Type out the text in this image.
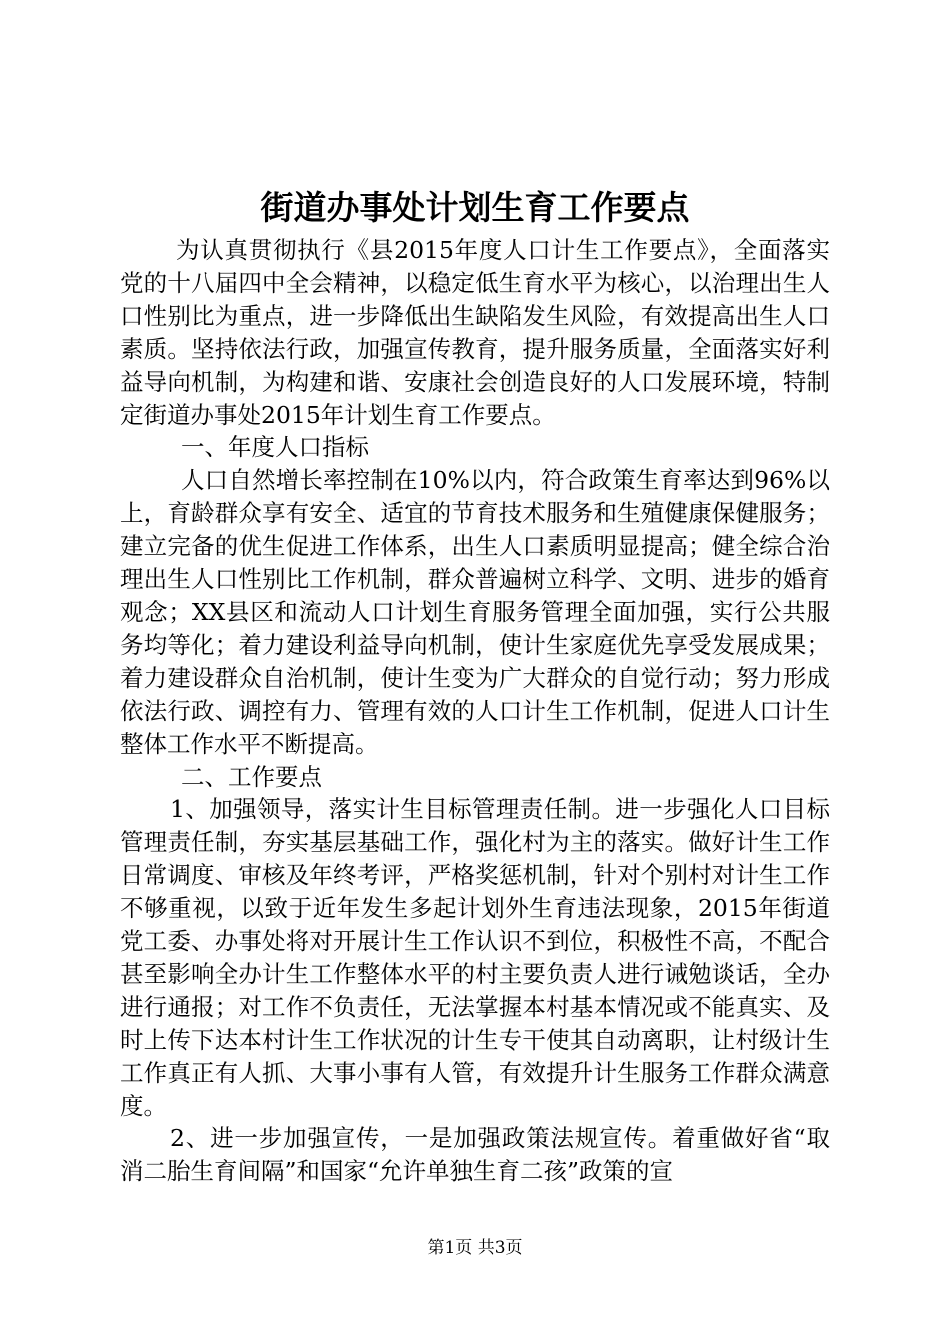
街道办事处计划生育工作要点

为认真贯彻执行《县2015年度人口计生工作要点》，全面落实党的十八届四中全会精神，以稳定低生育水平为核心，以治理出生人口性别比为重点，进一步降低出生缺陷发生风险，有效提高出生人口素质。坚持依法行政，加强宣传教育，提升服务质量，全面落实好利益导向机制，为构建和谐、安康社会创造良好的人口发展环境，特制定街道办事处2015年计划生育工作要点。

一、年度人口指标

人口自然增长率控制在10%以内，符合政策生育率达到96%以上，育龄群众享有安全、适宜的节育技术服务和生殖健康保健服务；建立完备的优生促进工作体系，出生人口素质明显提高；健全综合治理出生人口性别比工作机制，群众普遍树立科学、文明、进步的婚育观念；XX县区和流动人口计划生育服务管理全面加强，实行公共服务均等化；着力建设利益导向机制，使计生家庭优先享受发展成果；着力建设群众自治机制，使计生变为广大群众的自觉行动；努力形成依法行政、调控有力、管理有效的人口计生工作机制，促进人口计生整体工作水平不断提高。

二、工作要点

1、加强领导，落实计生目标管理责任制。进一步强化人口目标管理责任制，夯实基层基础工作，强化村为主的落实。做好计生工作日常调度、审核及年终考评，严格奖惩机制，针对个别村对计生工作不够重视，以致于近年发生多起计划外生育违法现象，2015年街道党工委、办事处将对开展计生工作认识不到位，积极性不高，不配合甚至影响全办计生工作整体水平的村主要负责人进行诫勉谈话，全办进行通报；对工作不负责任，无法掌握本村基本情况或不能真实、及时上传下达本村计生工作状况的计生专干使其自动离职，让村级计生工作真正有人抓、大事小事有人管，有效提升计生服务工作群众满意度。

2、进一步加强宣传，一是加强政策法规宣传。着重做好省“取消二胎生育间隔”和国家“允许单独生育二孩”政策的宣

第1页 共3页
